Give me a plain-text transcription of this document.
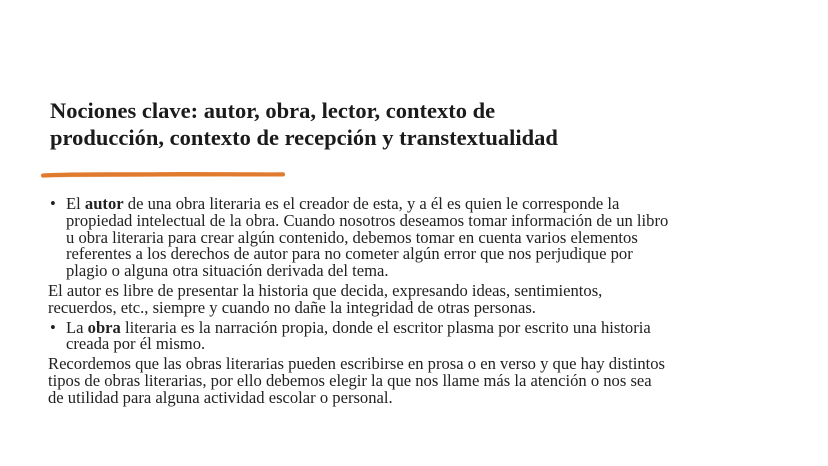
Nociones clave: autor, obra, lector, contexto de
producción, contexto de recepción y transtextualidad
• El autor de una obra literaria es el creador de esta, y a él es quien le corresponde la
propiedad intelectual de la obra. Cuando nosotros deseamos tomar información de un libro
u obra literaria para crear algún contenido, debemos tomar en cuenta varios elementos
referentes a los derechos de autor para no cometer algún error que nos perjudique por
plagio o alguna otra situación derivada del tema.
El autor es libre de presentar la historia que decida, expresando ideas, sentimientos,
recuerdos, etc., siempre y cuando no dañe la integridad de otras personas.
• La obra literaria es la narración propia, donde el escritor plasma por escrito una historia
creada por él mismo.
Recordemos que las obras literarias pueden escribirse en prosa o en verso y que hay distintos
tipos de obras literarias, por ello debemos elegir la que nos llame más la atención o nos sea
de utilidad para alguna actividad escolar o personal.
